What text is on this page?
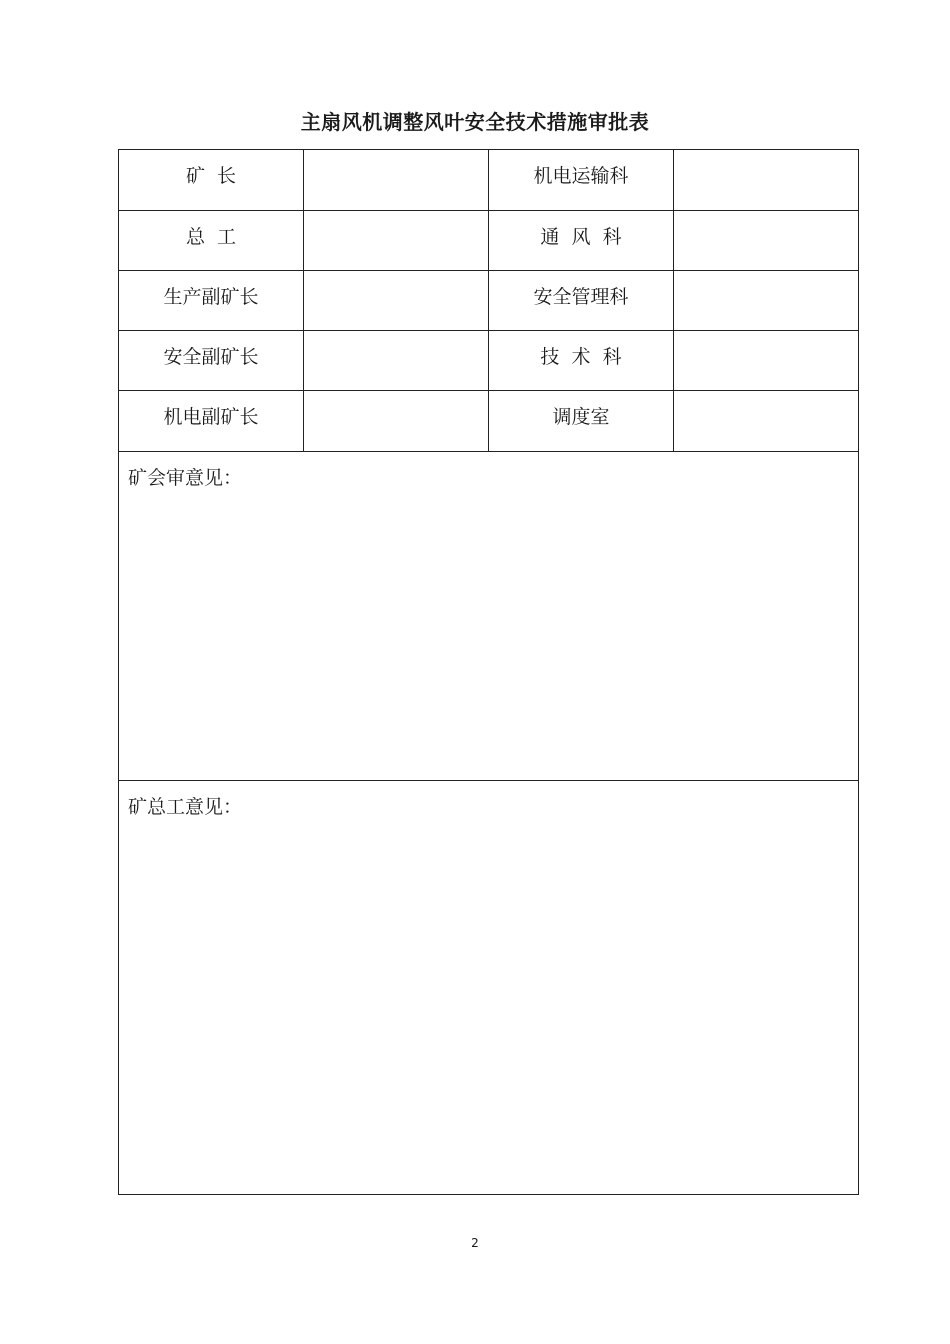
主扇风机调整风叶安全技术措施审批表
矿  长	机电运输科
总  工	通  风  科
生产副矿长	安全管理科
安全副矿长	技  术  科
机电副矿长	调度室
矿会审意见：
矿总工意见：
2
